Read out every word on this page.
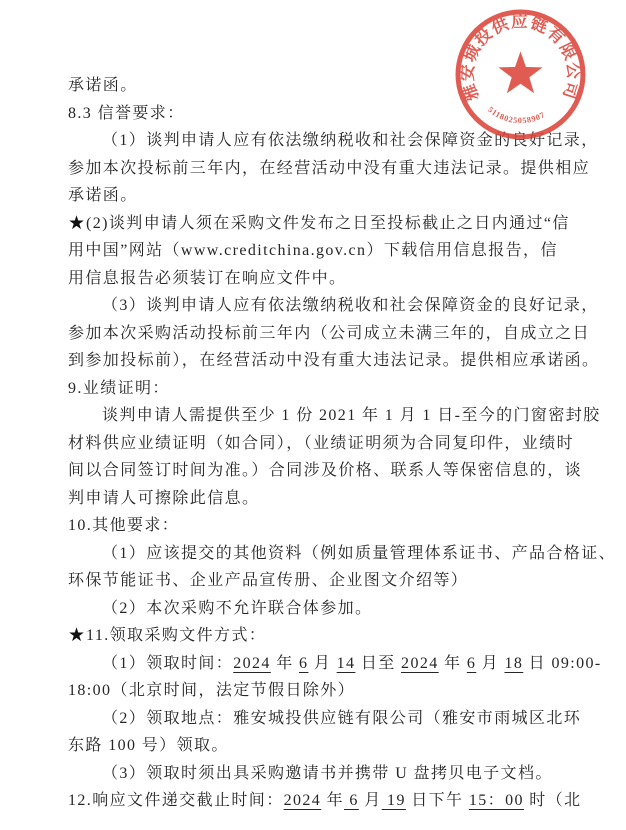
承诺函。
8.3 信誉要求：
（1）谈判申请人应有依法缴纳税收和社会保障资金的良好记录，
参加本次投标前三年内，在经营活动中没有重大违法记录。提供相应
承诺函。
★(2)谈判申请人须在采购文件发布之日至投标截止之日内通过“信
用中国”网站（www.creditchina.gov.cn）下载信用信息报告，信
用信息报告必须装订在响应文件中。
（3）谈判申请人应有依法缴纳税收和社会保障资金的良好记录，
参加本次采购活动投标前三年内（公司成立未满三年的，自成立之日
到参加投标前），在经营活动中没有重大违法记录。提供相应承诺函。
9.业绩证明：
谈判申请人需提供至少 1 份 2021 年 1 月 1 日-至今的门窗密封胶
材料供应业绩证明（如合同），（业绩证明须为合同复印件，业绩时
间以合同签订时间为准。）合同涉及价格、联系人等保密信息的，谈
判申请人可擦除此信息。
10.其他要求：
（1）应该提交的其他资料（例如质量管理体系证书、产品合格证、
环保节能证书、企业产品宣传册、企业图文介绍等）
（2）本次采购不允许联合体参加。
★11.领取采购文件方式：
（1）领取时间：2024 年 6 月 14 日至 2024 年 6 月 18 日 09:00-
18:00（北京时间，法定节假日除外）
（2）领取地点：雅安城投供应链有限公司（雅安市雨城区北环
东路 100 号）领取。
（3）领取时须出具采购邀请书并携带 U 盘拷贝电子文档。
12.响应文件递交截止时间：2024 年 6 月 19 日下午 15：00 时（北
雅安城投供应链有限公司
5118025058907
